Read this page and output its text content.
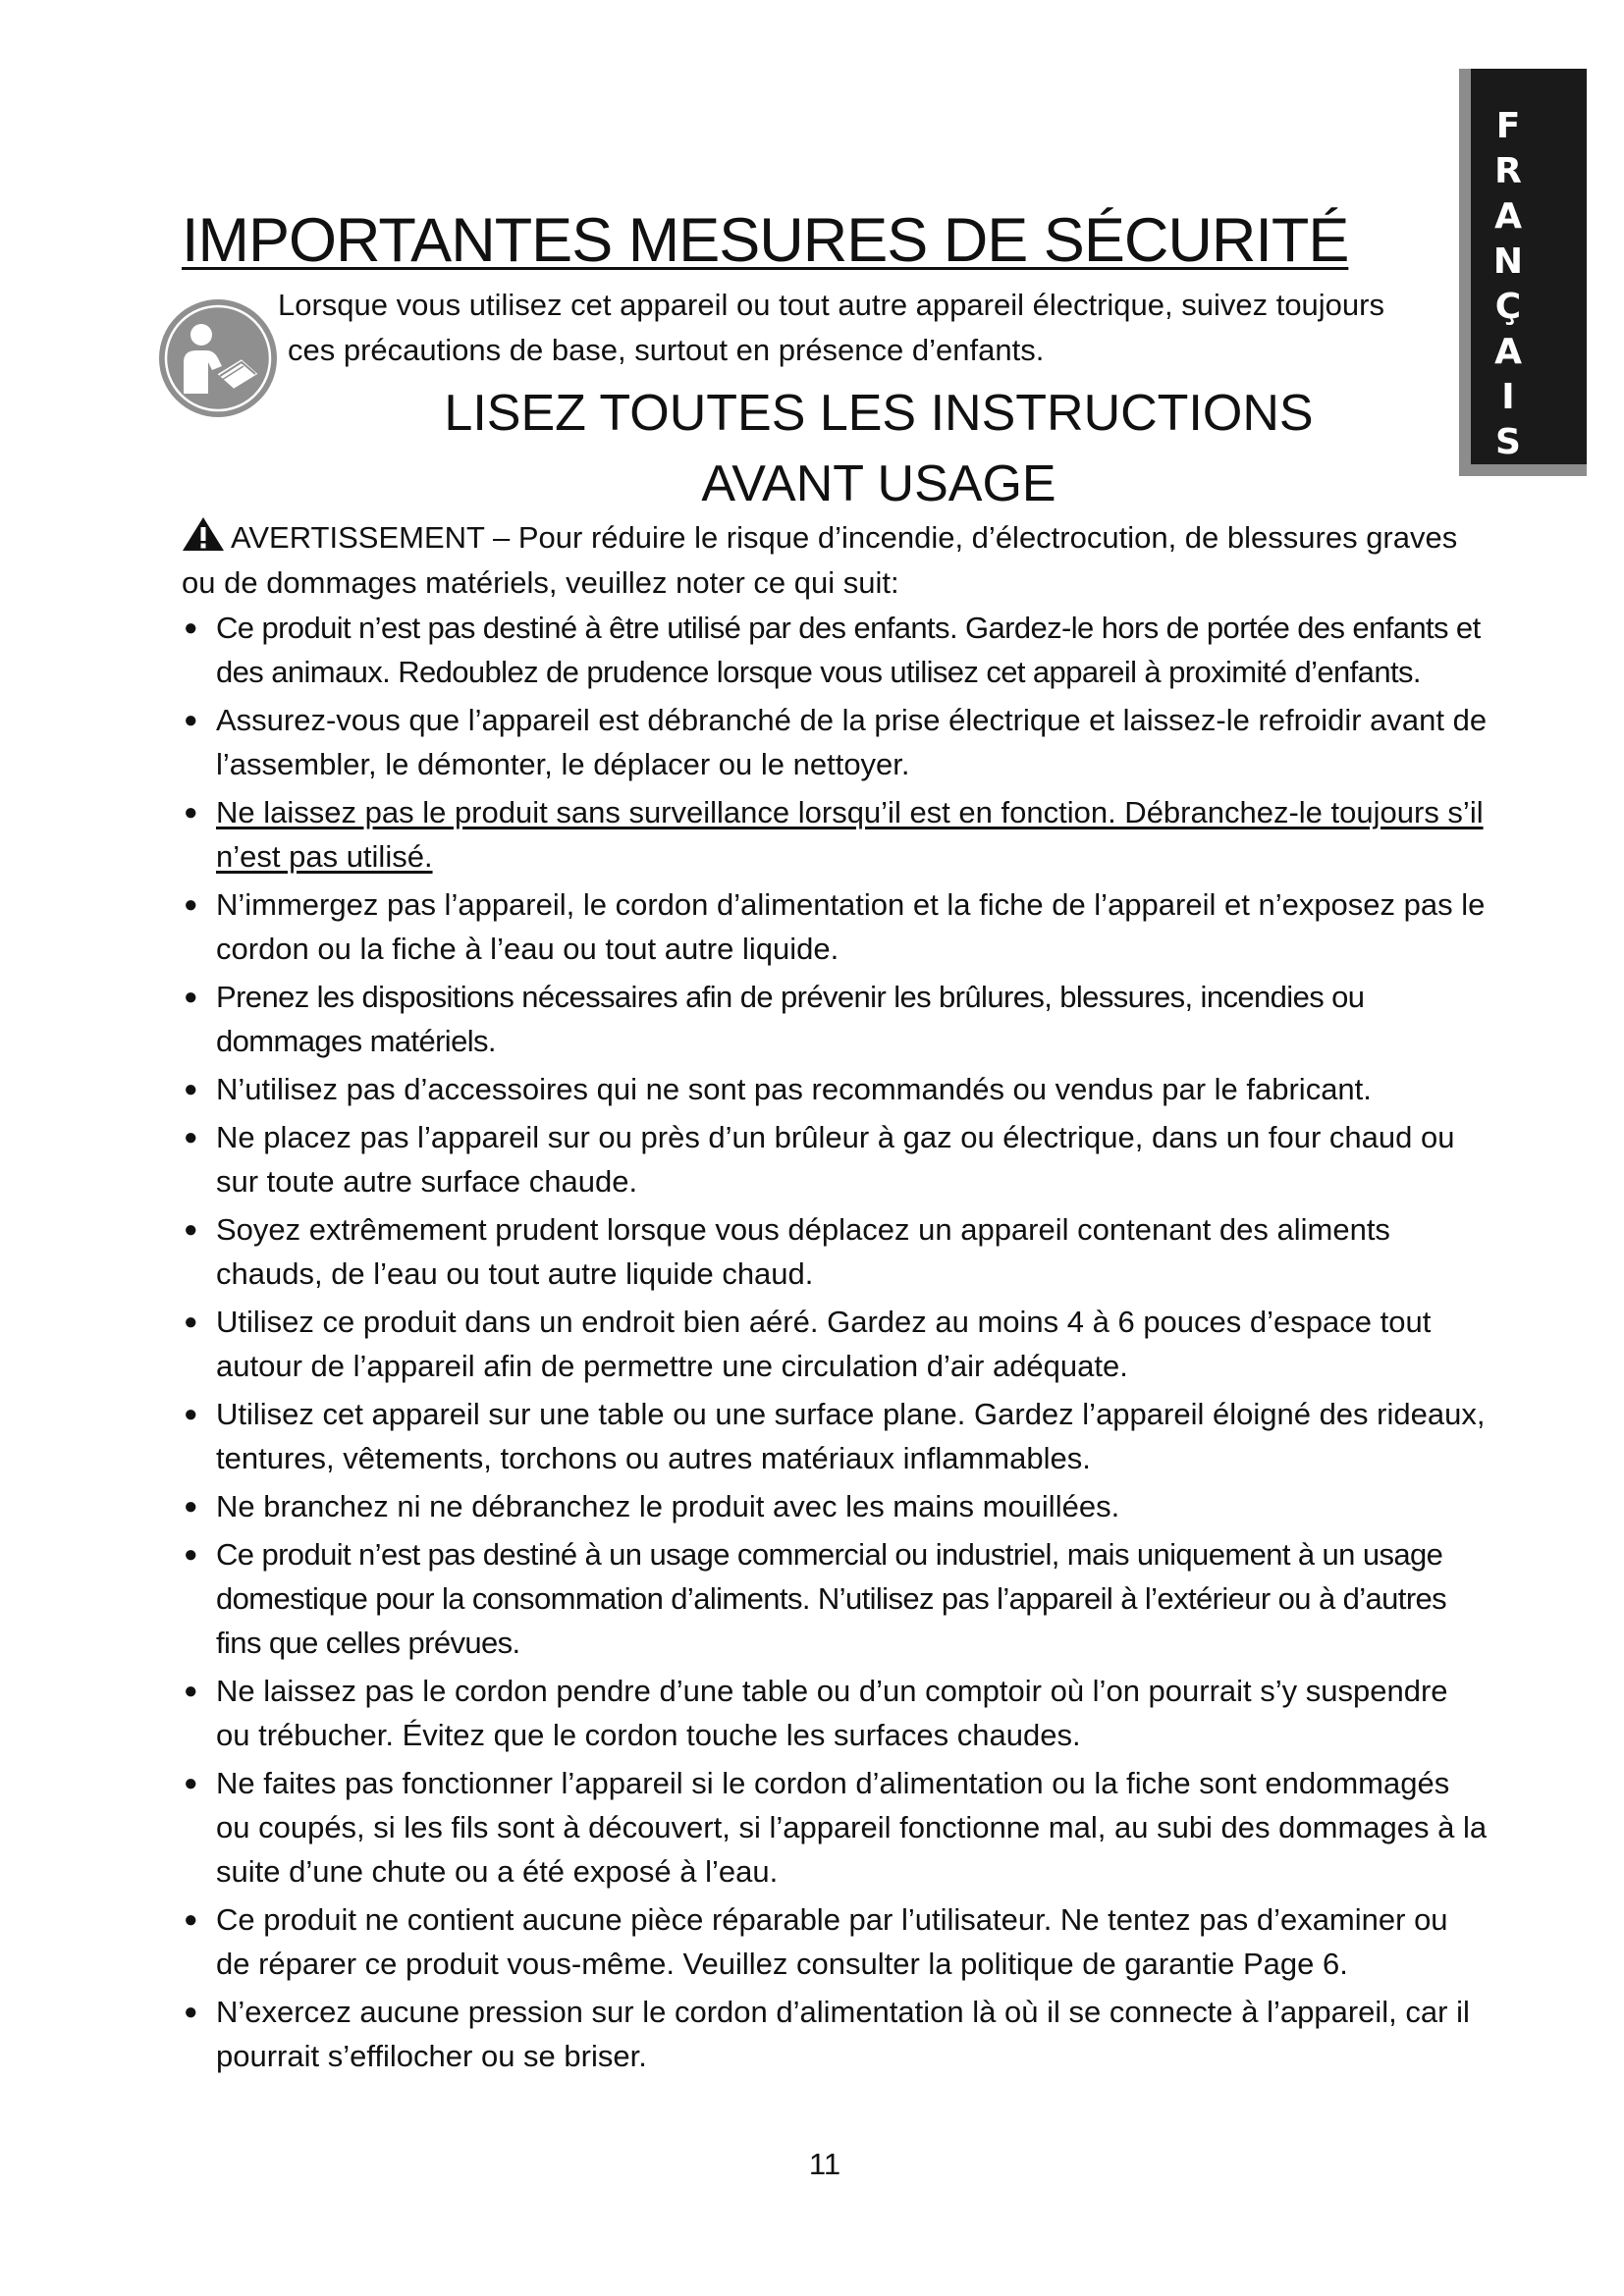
F
R
A
N
Ç
A
I
S
IMPORTANTES MESURES DE SÉCURITÉ
Lorsque vous utilisez cet appareil ou tout autre appareil électrique, suivez toujours
ces précautions de base, surtout en présence d’enfants.
LISEZ TOUTES LES INSTRUCTIONS
AVANT USAGE
AVERTISSEMENT – Pour réduire le risque d’incendie, d’électrocution, de blessures graves ou de dommages matériels, veuillez noter ce qui suit:
● Ce produit n’est pas destiné à être utilisé par des enfants. Gardez-le hors de portée des enfants et des animaux. Redoublez de prudence lorsque vous utilisez cet appareil à proximité d’enfants.
● Assurez-vous que l’appareil est débranché de la prise électrique et laissez-le refroidir avant de l’assembler, le démonter, le déplacer ou le nettoyer.
● Ne laissez pas le produit sans surveillance lorsqu’il est en fonction. Débranchez-le toujours s’il n’est pas utilisé.
● N’immergez pas l’appareil, le cordon d’alimentation et la fiche de l’appareil et n’exposez pas le cordon ou la fiche à l’eau ou tout autre liquide.
● Prenez les dispositions nécessaires afin de prévenir les brûlures, blessures, incendies ou dommages matériels.
● N’utilisez pas d’accessoires qui ne sont pas recommandés ou vendus par le fabricant.
● Ne placez pas l’appareil sur ou près d’un brûleur à gaz ou électrique, dans un four chaud ou sur toute autre surface chaude.
● Soyez extrêmement prudent lorsque vous déplacez un appareil contenant des aliments chauds, de l’eau ou tout autre liquide chaud.
● Utilisez ce produit dans un endroit bien aéré. Gardez au moins 4 à 6 pouces d’espace tout autour de l’appareil afin de permettre une circulation d’air adéquate.
● Utilisez cet appareil sur une table ou une surface plane. Gardez l’appareil éloigné des rideaux, tentures, vêtements, torchons ou autres matériaux inflammables.
● Ne branchez ni ne débranchez le produit avec les mains mouillées.
● Ce produit n’est pas destiné à un usage commercial ou industriel, mais uniquement à un usage domestique pour la consommation d’aliments. N’utilisez pas l’appareil à l’extérieur ou à d’autres fins que celles prévues.
● Ne laissez pas le cordon pendre d’une table ou d’un comptoir où l’on pourrait s’y suspendre ou trébucher. Évitez que le cordon touche les surfaces chaudes.
● Ne faites pas fonctionner l’appareil si le cordon d’alimentation ou la fiche sont endommagés ou coupés, si les fils sont à découvert, si l’appareil fonctionne mal, au subi des dommages à la suite d’une chute ou a été exposé à l’eau.
● Ce produit ne contient aucune pièce réparable par l’utilisateur. Ne tentez pas d’examiner ou de réparer ce produit vous-même. Veuillez consulter la politique de garantie Page 6.
● N’exercez aucune pression sur le cordon d’alimentation là où il se connecte à l’appareil, car il pourrait s’effilocher ou se briser.
11
